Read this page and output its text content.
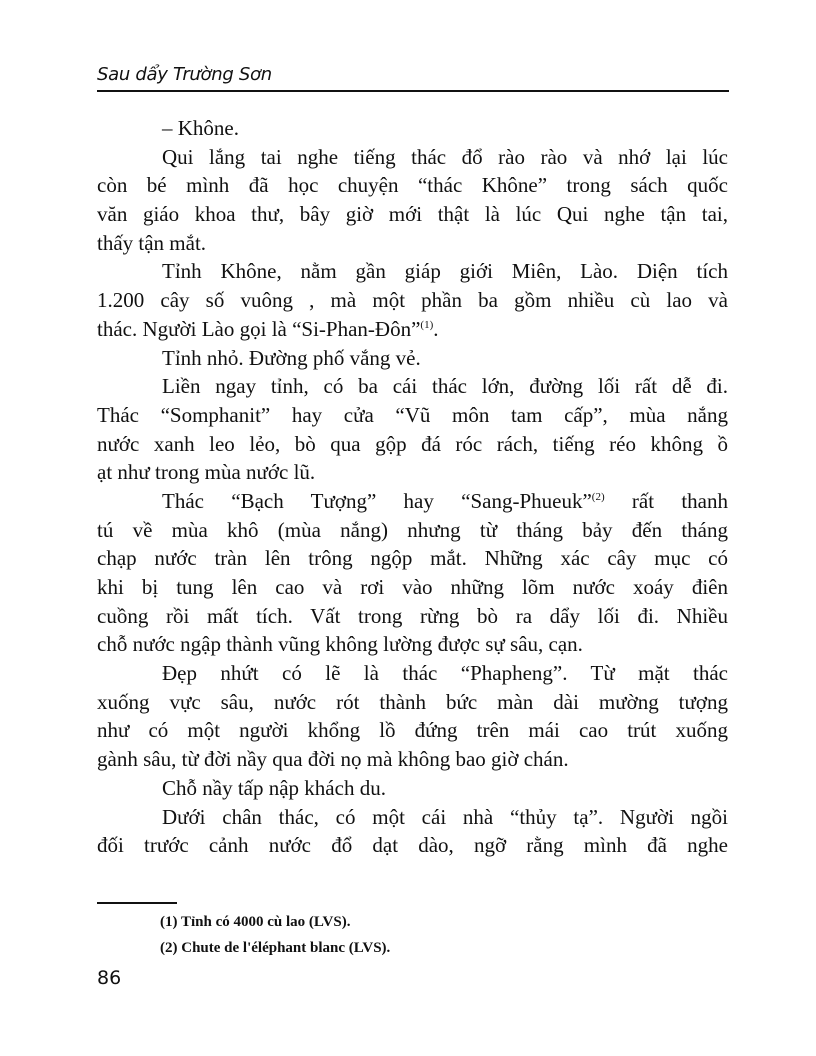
Sau dẩy Trường Sơn
– Khône.
Qui lắng tai nghe tiếng thác đổ rào rào và nhớ lại lúc
còn bé mình đã học chuyện “thác Khône” trong sách quốc
văn giáo khoa thư, bây giờ mới thật là lúc Qui nghe tận tai,
thấy tận mắt.
Tỉnh Khône, nằm gần giáp giới Miên, Lào. Diện tích
1.200 cây số vuông , mà một phần ba gồm nhiều cù lao và
thác. Người Lào gọi là “Si-Phan-Đôn”$^{(1)}$.
Tỉnh nhỏ. Đường phố vắng vẻ.
Liền ngay tỉnh, có ba cái thác lớn, đường lối rất dễ đi.
Thác “Somphanit” hay cửa “Vũ môn tam cấp”, mùa nắng
nước xanh leo lẻo, bò qua gộp đá róc rách, tiếng réo không ồ
ạt như trong mùa nước lũ.
Thác “Bạch Tượng” hay “Sang-Phueuk”$^{(2)}$ rất thanh
tú về mùa khô (mùa nắng) nhưng từ tháng bảy đến tháng
chạp nước tràn lên trông ngộp mắt. Những xác cây mục có
khi bị tung lên cao và rơi vào những lõm nước xoáy điên
cuồng rồi mất tích. Vất trong rừng bò ra dẩy lối đi. Nhiều
chỗ nước ngập thành vũng không lường được sự sâu, cạn.
Đẹp nhứt có lẽ là thác “Phapheng”. Từ mặt thác
xuống vực sâu, nước rót thành bức màn dài mường tượng
như có một người khổng lồ đứng trên mái cao trút xuống
gành sâu, từ đời nầy qua đời nọ mà không bao giờ chán.
Chỗ nầy tấp nập khách du.
Dưới chân thác, có một cái nhà “thủy tạ”. Người ngồi
đối trước cảnh nước đổ dạt dào, ngỡ rằng mình đã nghe
(1) Tỉnh có 4000 cù lao (LVS).
(2) Chute de l'éléphant blanc (LVS).
86
